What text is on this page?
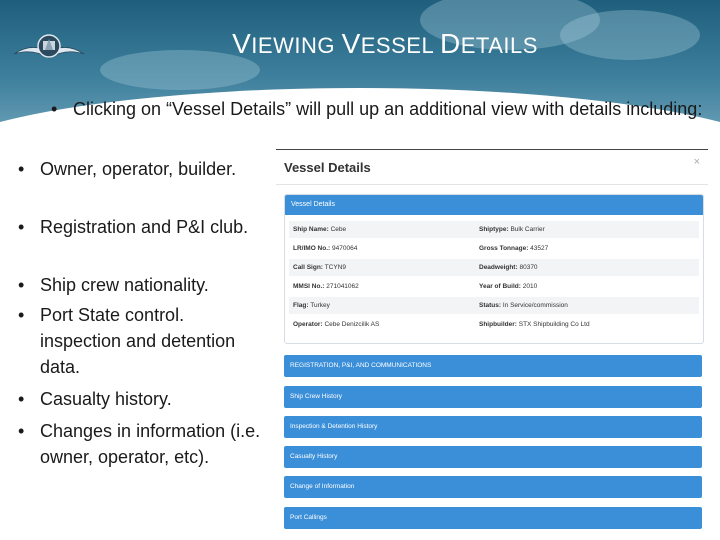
VIEWING VESSEL DETAILS
• Clicking on “Vessel Details” will pull up an additional view with details including:
• Owner, operator, builder.
• Registration and P&I club.
• Ship crew nationality.
• Port State control. inspection and detention data.
• Casualty history.
• Changes in information (i.e. owner, operator, etc).
Vessel Details	×
Vessel Details
Ship Name: Cebe	Shiptype: Bulk Carrier
LR/IMO No.: 9470064	Gross Tonnage: 43527
Call Sign: TCYN9	Deadweight: 80370
MMSI No.: 271041062	Year of Build: 2010
Flag: Turkey	Status: In Service/commission
Operator: Cebe Denizcilik AS	Shipbuilder: STX Shipbuilding Co Ltd
REGISTRATION, P&I, AND COMMUNICATIONS
Ship Crew History
Inspection & Detention History
Casualty History
Change of Information
Port Callings
